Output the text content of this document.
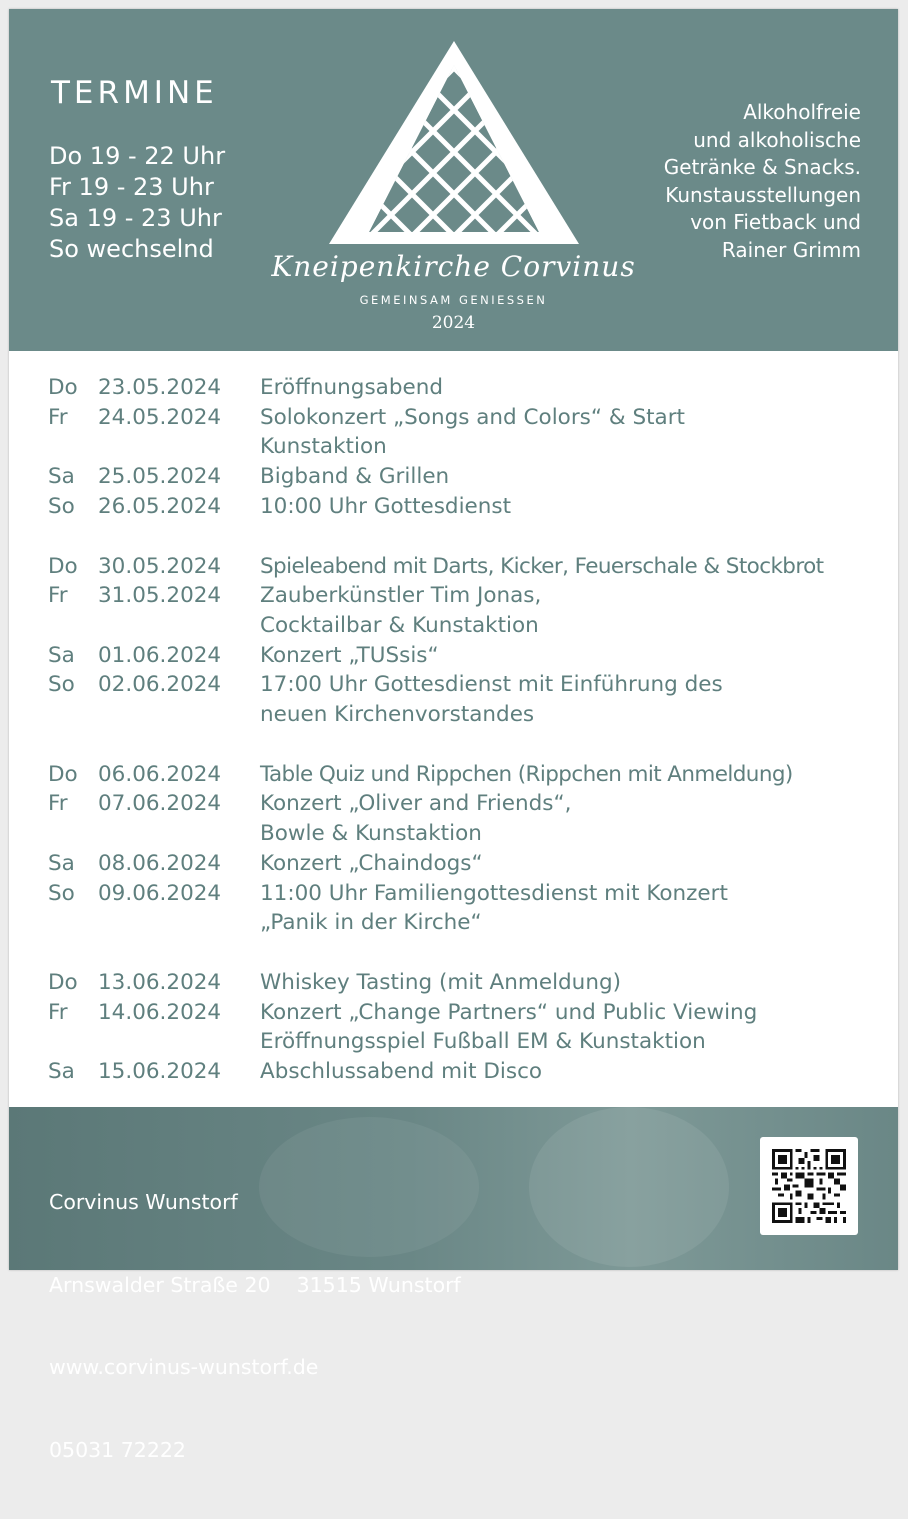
TERMINE
Do 19 - 22 Uhr
Fr 19 - 23 Uhr
Sa 19 - 23 Uhr
So wechselnd
Kneipenkirche Corvinus
GEMEINSAM GENIESSEN
2024
Alkoholfreie
und alkoholische
Getränke & Snacks.
Kunstausstellungen
von Fietback und
Rainer Grimm
Do 23.05.2024 Eröffnungsabend
Fr 24.05.2024 Solokonzert „Songs and Colors“ & Start
Kunstaktion
Sa 25.05.2024 Bigband & Grillen
So 26.05.2024 10:00 Uhr Gottesdienst
Do 30.05.2024 Spieleabend mit Darts, Kicker, Feuerschale & Stockbrot
Fr 31.05.2024 Zauberkünstler Tim Jonas,
Cocktailbar & Kunstaktion
Sa 01.06.2024 Konzert „TUSsis“
So 02.06.2024 17:00 Uhr Gottesdienst mit Einführung des
neuen Kirchenvorstandes
Do 06.06.2024 Table Quiz und Rippchen (Rippchen mit Anmeldung)
Fr 07.06.2024 Konzert „Oliver and Friends“,
Bowle & Kunstaktion
Sa 08.06.2024 Konzert „Chaindogs“
So 09.06.2024 11:00 Uhr Familiengottesdienst mit Konzert
„Panik in der Kirche“
Do 13.06.2024 Whiskey Tasting (mit Anmeldung)
Fr 14.06.2024 Konzert „Change Partners“ und Public Viewing
Eröffnungsspiel Fußball EM & Kunstaktion
Sa 15.06.2024 Abschlussabend mit Disco

Corvinus Wunstorf

Arnswalder Straße 20    31515 Wunstorf

www.corvinus-wunstorf.de

05031 72222
